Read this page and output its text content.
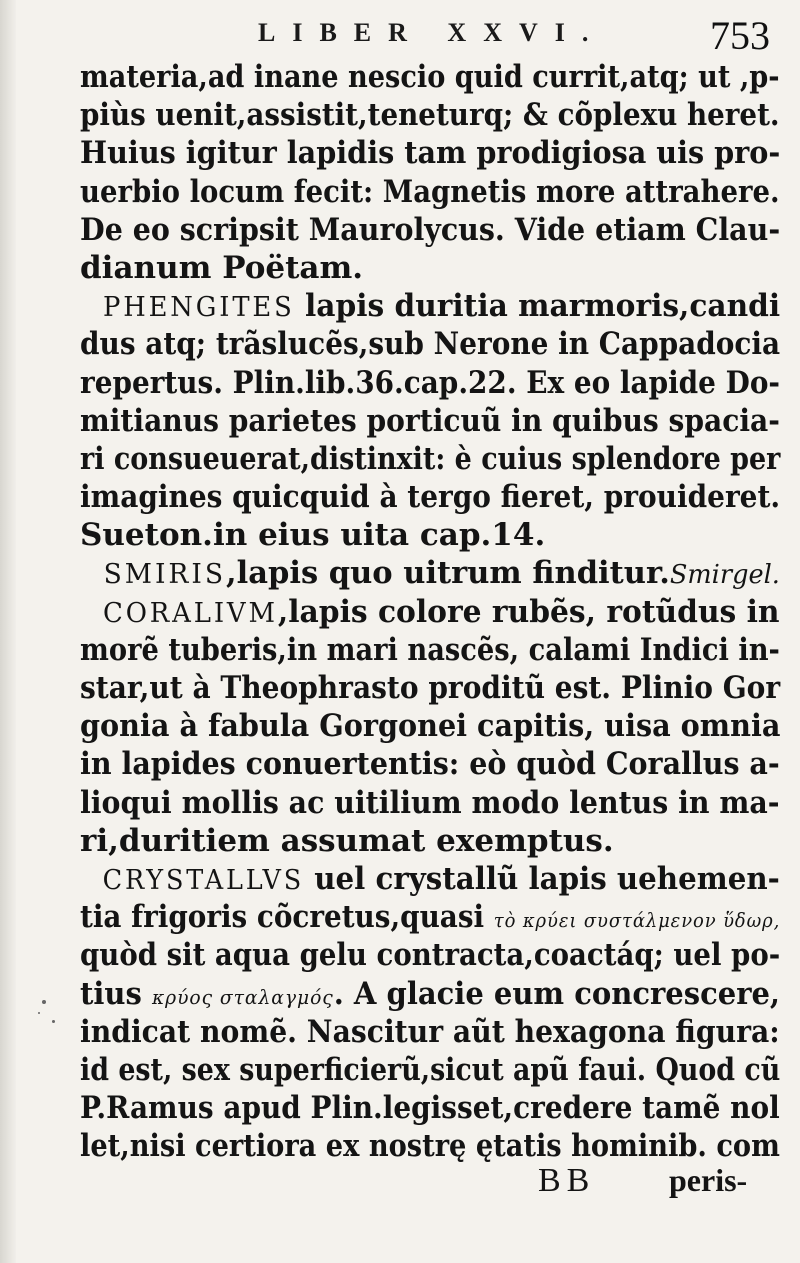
LIBER XXVI.	753
materia,ad inane nescio quid currit,atq; ut ,p-
piùs uenit,assistit,teneturq; & cõplexu heret.
Huius igitur lapidis tam prodigiosa uis pro-
uerbio locum fecit: Magnetis more attrahere.
De eo scripsit Maurolycus. Vide etiam Clau-
dianum Poëtam.
PHENGITES lapis duritia marmoris,candi
dus atq; trãslucẽs,sub Nerone in Cappadocia
repertus. Plin.lib.36.cap.22. Ex eo lapide Do-
mitianus parietes porticuũ in quibus spacia-
ri consueuerat,distinxit: è cuius splendore per
imagines quicquid à tergo fieret, prouideret.
Sueton.in eius uita cap.14.
SMIRIS,lapis quo uitrum finditur.Smirgel.
CORALIVM,lapis colore rubẽs, rotũdus in
morẽ tuberis,in mari nascẽs, calami Indici in-
star,ut à Theophrasto proditũ est. Plinio Gor
gonia à fabula Gorgonei capitis, uisa omnia
in lapides conuertentis: eò quòd Corallus a-
lioqui mollis ac uitilium modo lentus in ma-
ri,duritiem assumat exemptus.
CRYSTALLVS uel crystallũ lapis uehemen-
tia frigoris cõcretus,quasi τὸ κρύει συστάλμενον ὕδωρ,
quòd sit aqua gelu contracta,coactáq; uel po-
tius κρύος σταλαγμός. A glacie eum concrescere,
indicat nomẽ. Nascitur aũt hexagona figura:
id est, sex superficierũ,sicut apũ faui. Quod cũ
P.Ramus apud Plin.legisset,credere tamẽ nol
let,nisi certiora ex nostrę ętatis hominib. com
BB peris-
